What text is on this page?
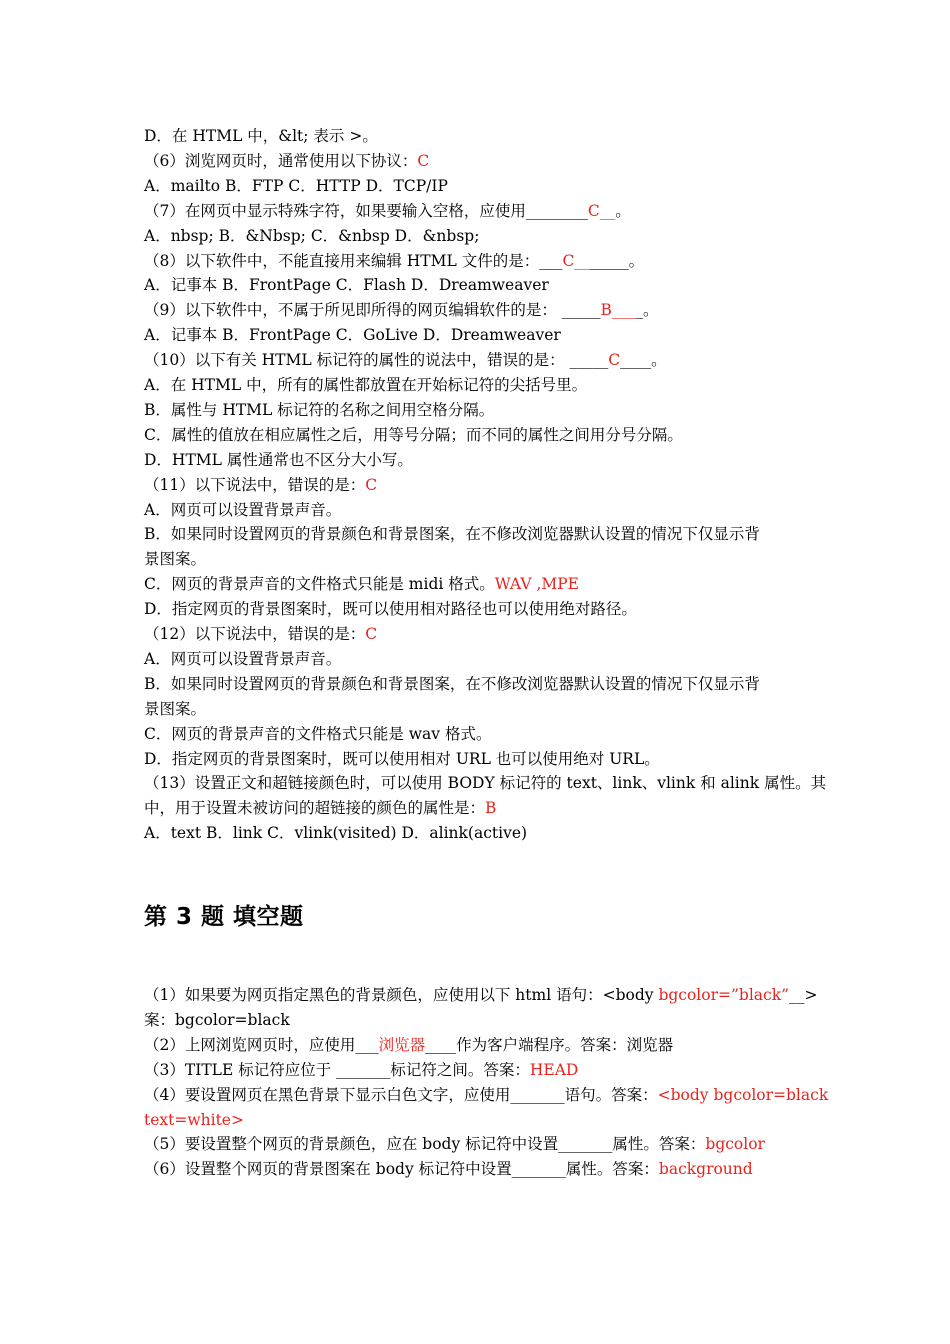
D．在 HTML 中，&lt; 表示 >。
（6）浏览网页时，通常使用以下协议：C
A．mailto B．FTP C．HTTP D．TCP/IP
（7）在网页中显示特殊字符，如果要输入空格，应使用________C__。
A．nbsp; B．&Nbsp; C．&nbsp D．&nbsp;
（8）以下软件中，不能直接用来编辑 HTML 文件的是：___C_______。
A．记事本 B．FrontPage C．Flash D．Dreamweaver
（9）以下软件中，不属于所见即所得的网页编辑软件的是： _____B____。
A．记事本 B．FrontPage C．GoLive D．Dreamweaver
（10）以下有关 HTML 标记符的属性的说法中，错误的是： _____C____。
A．在 HTML 中，所有的属性都放置在开始标记符的尖括号里。
B．属性与 HTML 标记符的名称之间用空格分隔。
C．属性的值放在相应属性之后，用等号分隔；而不同的属性之间用分号分隔。
D．HTML 属性通常也不区分大小写。
（11）以下说法中，错误的是：C
A．网页可以设置背景声音。
B．如果同时设置网页的背景颜色和背景图案，在不修改浏览器默认设置的情况下仅显示背
景图案。
C．网页的背景声音的文件格式只能是 midi 格式。WAV ,MPE
D．指定网页的背景图案时，既可以使用相对路径也可以使用绝对路径。
（12）以下说法中，错误的是：C
A．网页可以设置背景声音。
B．如果同时设置网页的背景颜色和背景图案，在不修改浏览器默认设置的情况下仅显示背
景图案。
C．网页的背景声音的文件格式只能是 wav 格式。
D．指定网页的背景图案时，既可以使用相对 URL 也可以使用绝对 URL。
（13）设置正文和超链接颜色时，可以使用 BODY 标记符的 text、link、vlink 和 alink 属性。其
中，用于设置未被访问的超链接的颜色的属性是：B
A．text B．link C．vlink(visited) D．alink(active)
第 3 题 填空题
（1）如果要为网页指定黑色的背景颜色，应使用以下 html 语句：<body bgcolor=”black”__>
案：bgcolor=black
（2）上网浏览网页时，应使用___浏览器____作为客户端程序。答案：浏览器
（3）TITLE 标记符应位于 _______标记符之间。答案：HEAD
（4）要设置网页在黑色背景下显示白色文字，应使用_______语句。答案：<body bgcolor=black
text=white>
（5）要设置整个网页的背景颜色，应在 body 标记符中设置_______属性。答案：bgcolor
（6）设置整个网页的背景图案在 body 标记符中设置_______属性。答案：background
